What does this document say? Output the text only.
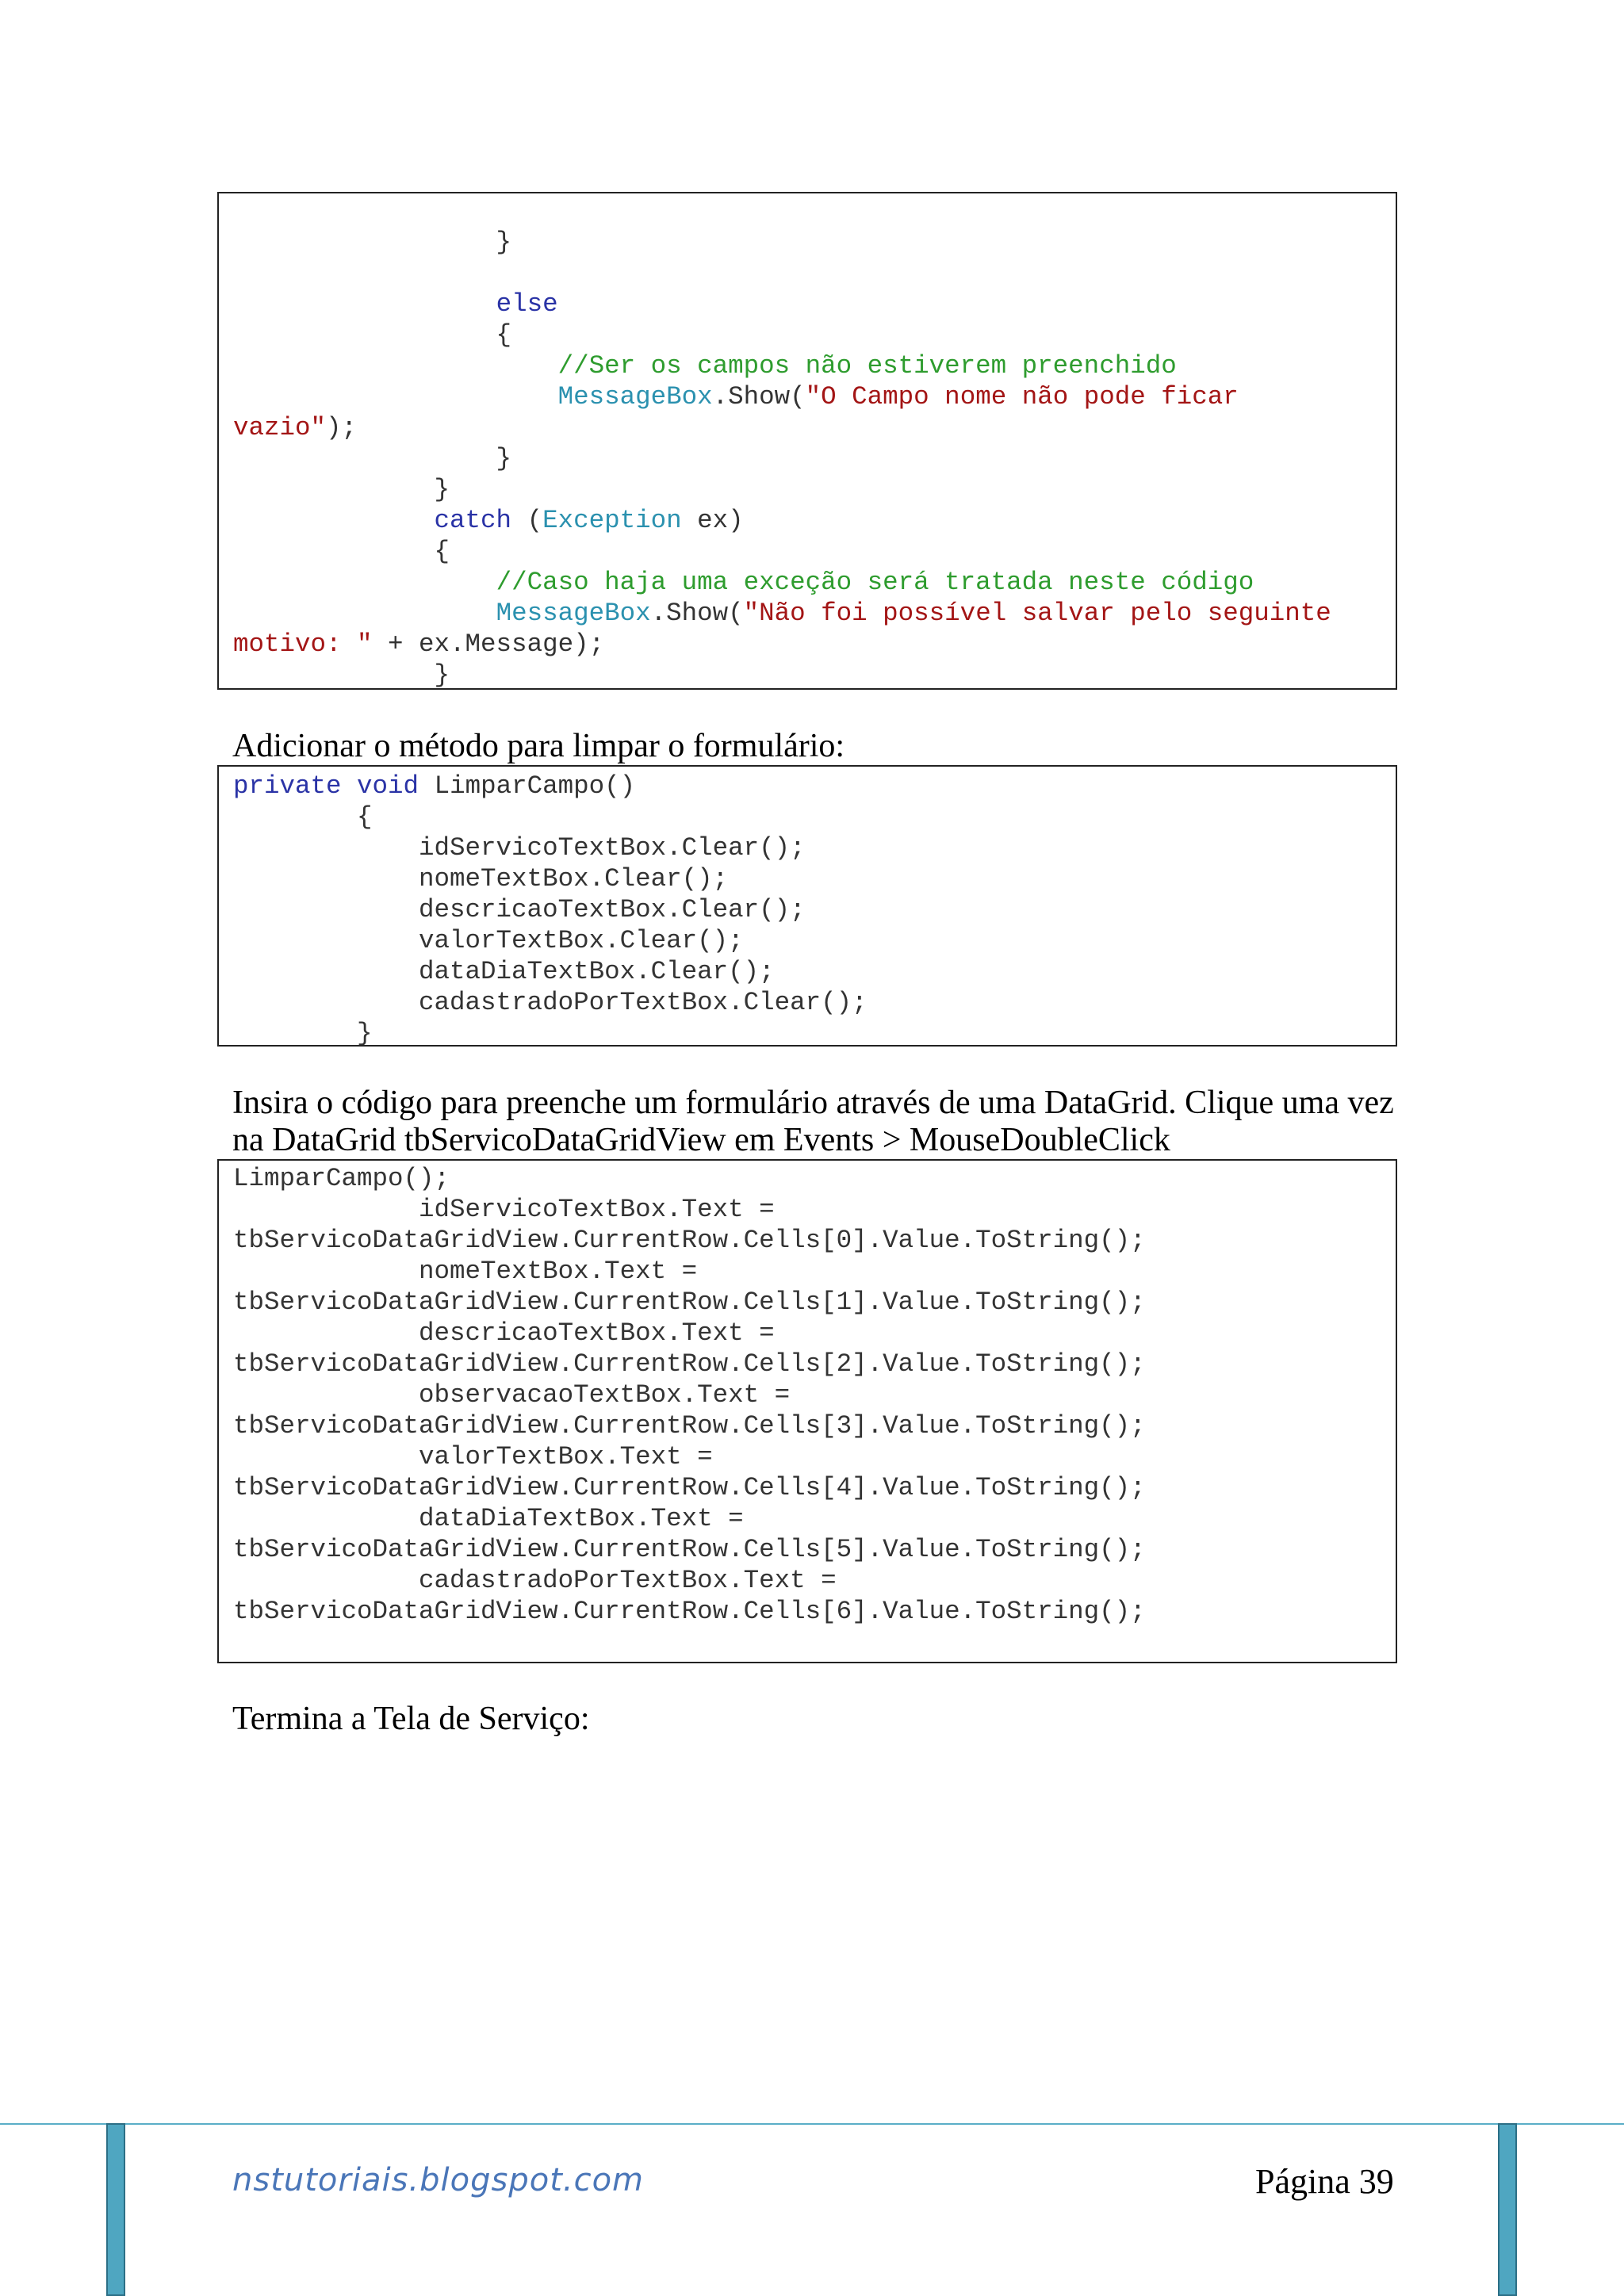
}
else
{
//Ser os campos não estiverem preenchido
MessageBox.Show("O Campo nome não pode ficar
vazio");
}
}
catch (Exception ex)
{
//Caso haja uma exceção será tratada neste código
MessageBox.Show("Não foi possível salvar pelo seguinte
motivo: " + ex.Message);
}
Adicionar o método para limpar o formulário:
private void LimparCampo()
{
idServicoTextBox.Clear();
nomeTextBox.Clear();
descricaoTextBox.Clear();
valorTextBox.Clear();
dataDiaTextBox.Clear();
cadastradoPorTextBox.Clear();
}
Insira o código para preenche um formulário através de uma DataGrid. Clique uma vez
na DataGrid tbServicoDataGridView em Events > MouseDoubleClick
LimparCampo();
idServicoTextBox.Text =
tbServicoDataGridView.CurrentRow.Cells[0].Value.ToString();
nomeTextBox.Text =
tbServicoDataGridView.CurrentRow.Cells[1].Value.ToString();
descricaoTextBox.Text =
tbServicoDataGridView.CurrentRow.Cells[2].Value.ToString();
observacaoTextBox.Text =
tbServicoDataGridView.CurrentRow.Cells[3].Value.ToString();
valorTextBox.Text =
tbServicoDataGridView.CurrentRow.Cells[4].Value.ToString();
dataDiaTextBox.Text =
tbServicoDataGridView.CurrentRow.Cells[5].Value.ToString();
cadastradoPorTextBox.Text =
tbServicoDataGridView.CurrentRow.Cells[6].Value.ToString();
Termina a Tela de Serviço:
nstutoriais.blogspot.com	Página 39
